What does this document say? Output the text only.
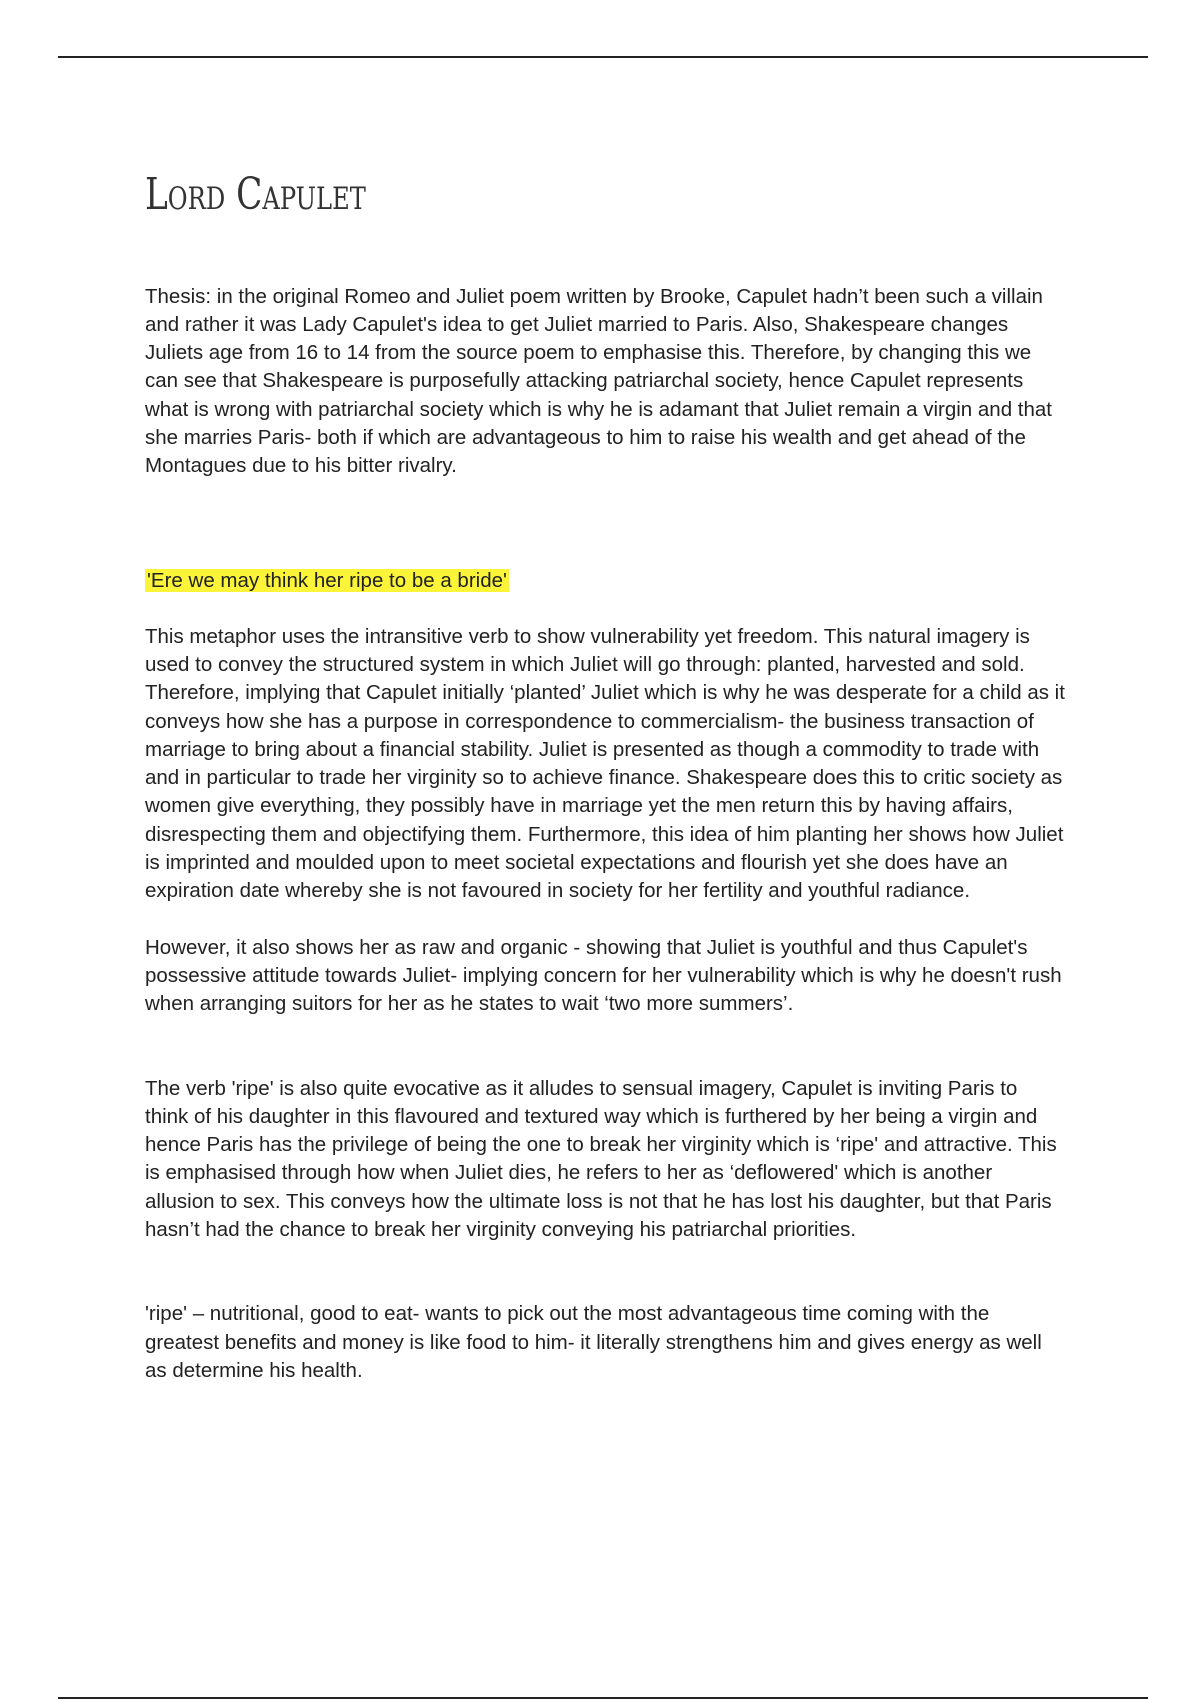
Lord Capulet

Thesis: in the original Romeo and Juliet poem written by Brooke, Capulet hadn’t been such a villain and rather it was Lady Capulet's idea to get Juliet married to Paris. Also, Shakespeare changes Juliets age from 16 to 14 from the source poem to emphasise this. Therefore, by changing this we can see that Shakespeare is purposefully attacking patriarchal society, hence Capulet represents what is wrong with patriarchal society which is why he is adamant that Juliet remain a virgin and that she marries Paris- both if which are advantageous to him to raise his wealth and get ahead of the Montagues due to his bitter rivalry.

'Ere we may think her ripe to be a bride'

This metaphor uses the intransitive verb to show vulnerability yet freedom. This natural imagery is used to convey the structured system in which Juliet will go through: planted, harvested and sold. Therefore, implying that Capulet initially ‘planted’ Juliet which is why he was desperate for a child as it conveys how she has a purpose in correspondence to commercialism- the business transaction of marriage to bring about a financial stability. Juliet is presented as though a commodity to trade with and in particular to trade her virginity so to achieve finance. Shakespeare does this to critic society as women give everything, they possibly have in marriage yet the men return this by having affairs, disrespecting them and objectifying them. Furthermore, this idea of him planting her shows how Juliet is imprinted and moulded upon to meet societal expectations and flourish yet she does have an expiration date whereby she is not favoured in society for her fertility and youthful radiance.

However, it also shows her as raw and organic - showing that Juliet is youthful and thus Capulet's possessive attitude towards Juliet- implying concern for her vulnerability which is why he doesn't rush when arranging suitors for her as he states to wait ‘two more summers’.

The verb 'ripe' is also quite evocative as it alludes to sensual imagery, Capulet is inviting Paris to think of his daughter in this flavoured and textured way which is furthered by her being a virgin and hence Paris has the privilege of being the one to break her virginity which is ‘ripe' and attractive. This is emphasised through how when Juliet dies, he refers to her as ‘deflowered' which is another allusion to sex. This conveys how the ultimate loss is not that he has lost his daughter, but that Paris hasn’t had the chance to break her virginity conveying his patriarchal priorities.

'ripe' – nutritional, good to eat- wants to pick out the most advantageous time coming with the greatest benefits and money is like food to him- it literally strengthens him and gives energy as well as determine his health.
